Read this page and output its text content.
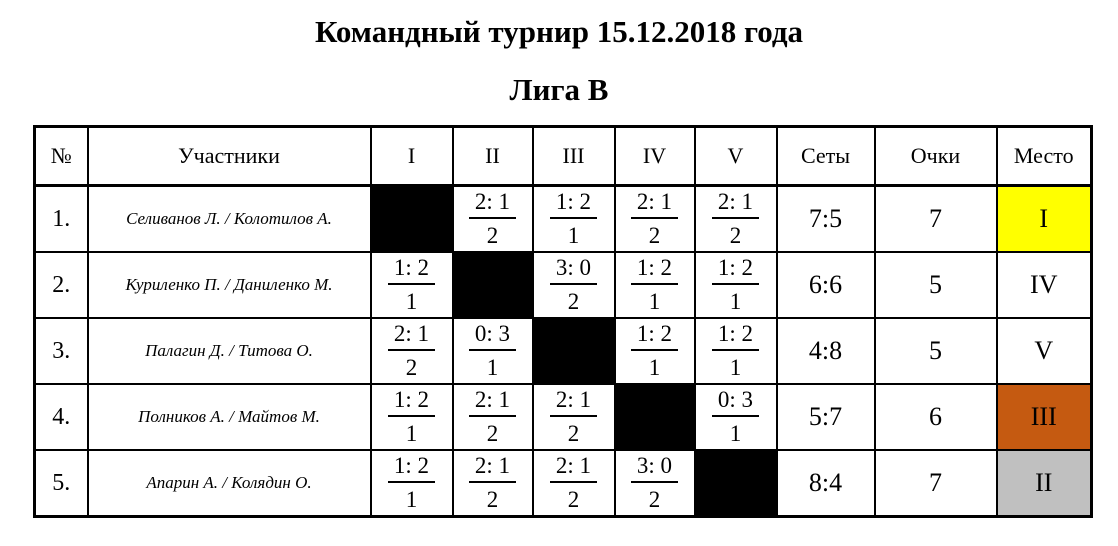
Командный турнир 15.12.2018 года
Лига В
№	Участники	I	II	III	IV	V	Сеты	Очки	Место
1.	Селиванов Л. / Колотилов А.		$\frac{2: 1}{2}$	$\frac{1: 2}{1}$	$\frac{2: 1}{2}$	$\frac{2: 1}{2}$	7:5	7	I
2.	Куриленко П. / Даниленко М.	$\frac{1: 2}{1}$		$\frac{3: 0}{2}$	$\frac{1: 2}{1}$	$\frac{1: 2}{1}$	6:6	5	IV
3.	Палагин Д. / Титова О.	$\frac{2: 1}{2}$	$\frac{0: 3}{1}$		$\frac{1: 2}{1}$	$\frac{1: 2}{1}$	4:8	5	V
4.	Полников А. / Майтов М.	$\frac{1: 2}{1}$	$\frac{2: 1}{2}$	$\frac{2: 1}{2}$		$\frac{0: 3}{1}$	5:7	6	III
5.	Апарин А. / Колядин О.	$\frac{1: 2}{1}$	$\frac{2: 1}{2}$	$\frac{2: 1}{2}$	$\frac{3: 0}{2}$		8:4	7	II
